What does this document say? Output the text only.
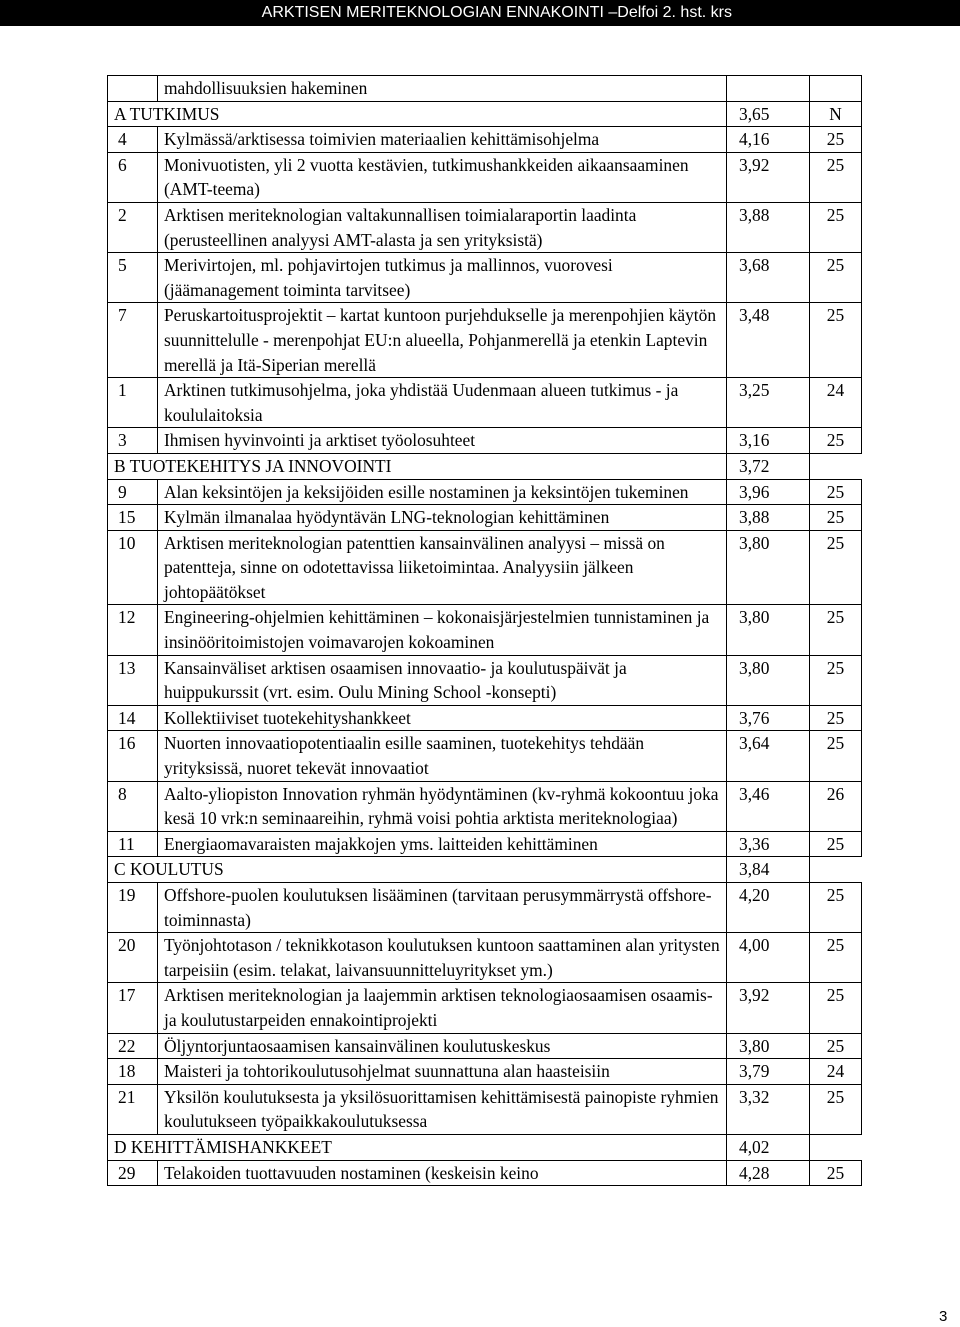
ARKTISEN MERITEKNOLOGIAN ENNAKOINTI –Delfoi 2. hst. krs
	mahdollisuuksien hakeminen		
A TUTKIMUS		3,65	N
4	Kylmässä/arktisessa toimivien materiaalien kehittämisohjelma	4,16	25
6	Monivuotisten, yli 2 vuotta kestävien, tutkimushankkeiden aikaansaaminen (AMT-teema)	3,92	25
2	Arktisen meriteknologian valtakunnallisen toimialaraportin laadinta (perusteellinen analyysi AMT-alasta ja sen yrityksistä)	3,88	25
5	Merivirtojen, ml. pohjavirtojen tutkimus ja mallinnos, vuorovesi (jäämanagement toiminta tarvitsee)	3,68	25
7	Peruskartoitusprojektit – kartat kuntoon purjehdukselle ja merenpohjien käytön suunnittelulle - merenpohjat EU:n alueella, Pohjanmerellä ja etenkin Laptevin merellä ja Itä-Siperian merellä	3,48	25
1	Arktinen tutkimusohjelma, joka yhdistää Uudenmaan alueen tutkimus - ja koululaitoksia	3,25	24
3	Ihmisen hyvinvointi ja arktiset työolosuhteet	3,16	25
B TUOTEKEHITYS JA INNOVOINTI		3,72	
9	Alan keksintöjen ja keksijöiden esille nostaminen ja keksintöjen tukeminen	3,96	25
15	Kylmän ilmanalaa hyödyntävän LNG-teknologian kehittäminen	3,88	25
10	Arktisen meriteknologian patenttien kansainvälinen analyysi – missä on patentteja, sinne on odotettavissa liiketoimintaa. Analyysiin jälkeen johtopäätökset	3,80	25
12	Engineering-ohjelmien kehittäminen – kokonaisjärjestelmien tunnistaminen ja insinööritoimistojen voimavarojen kokoaminen	3,80	25
13	Kansainväliset arktisen osaamisen innovaatio- ja koulutuspäivät ja huippukurssit (vrt. esim. Oulu Mining School -konsepti)	3,80	25
14	Kollektiiviset tuotekehityshankkeet	3,76	25
16	Nuorten innovaatiopotentiaalin esille saaminen, tuotekehitys tehdään yrityksissä, nuoret tekevät innovaatiot	3,64	25
8	Aalto-yliopiston Innovation ryhmän hyödyntäminen (kv-ryhmä kokoontuu joka kesä 10 vrk:n seminaareihin, ryhmä voisi pohtia arktista meriteknologiaa)	3,46	26
11	Energiaomavaraisten majakkojen yms. laitteiden kehittäminen	3,36	25
C KOULUTUS		3,84	
19	Offshore-puolen koulutuksen lisääminen (tarvitaan perusymmärrystä offshore-toiminnasta)	4,20	25
20	Työnjohtotason / teknikkotason koulutuksen kuntoon saattaminen alan yritysten tarpeisiin (esim. telakat, laivansuunnitteluyritykset ym.)	4,00	25
17	Arktisen meriteknologian ja laajemmin arktisen teknologiaosaamisen osaamis- ja koulutustarpeiden ennakointiprojekti	3,92	25
22	Öljyntorjuntaosaamisen kansainvälinen koulutuskeskus	3,80	25
18	Maisteri ja tohtorikoulutusohjelmat suunnattuna alan haasteisiin	3,79	24
21	Yksilön koulutuksesta ja yksilösuorittamisen kehittämisestä painopiste ryhmien koulutukseen työpaikkakoulutuksessa	3,32	25
D KEHITTÄMISHANKKEET		4,02	
29	Telakoiden tuottavuuden nostaminen (keskeisin keino	4,28	25
3
